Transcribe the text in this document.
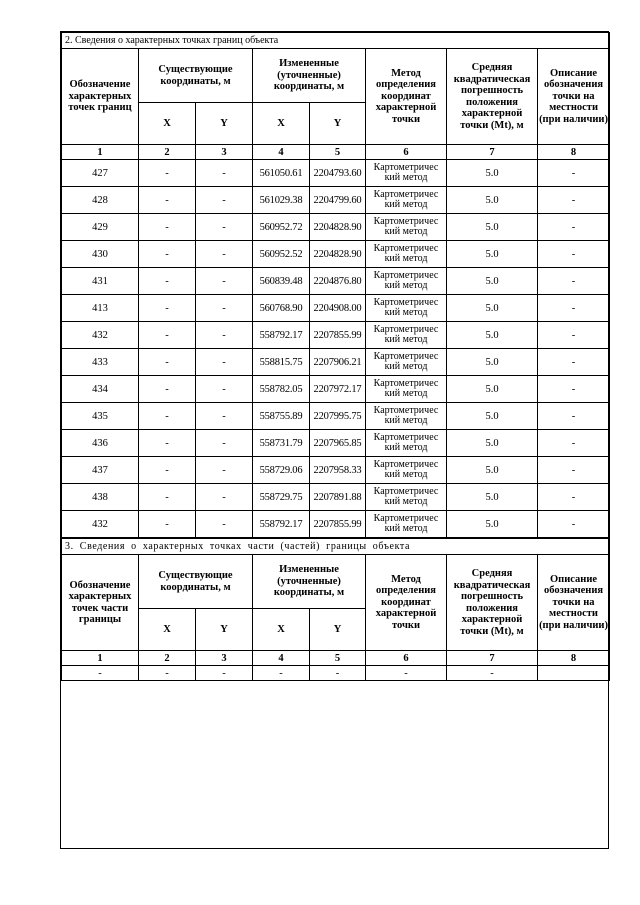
2. Сведения о характерных точках границ объекта							
Обозначение характерных точек границ	Существующие координаты, м		Измененные (уточненные) координаты, м		Метод определения координат характерной точки	Средняя квадратическая погрешность положения характерной точки (Mt), м	Описание обозначения точки на местности (при наличии)
	X	Y	X	Y			
1	2	3	4	5	6	7	8
427	-	-	561050.61	2204793.60	Картометричес кий метод	5.0	-
428	-	-	561029.38	2204799.60	Картометричес кий метод	5.0	-
429	-	-	560952.72	2204828.90	Картометричес кий метод	5.0	-
430	-	-	560952.52	2204828.90	Картометричес кий метод	5.0	-
431	-	-	560839.48	2204876.80	Картометричес кий метод	5.0	-
413	-	-	560768.90	2204908.00	Картометричес кий метод	5.0	-
432	-	-	558792.17	2207855.99	Картометричес кий метод	5.0	-
433	-	-	558815.75	2207906.21	Картометричес кий метод	5.0	-
434	-	-	558782.05	2207972.17	Картометричес кий метод	5.0	-
435	-	-	558755.89	2207995.75	Картометричес кий метод	5.0	-
436	-	-	558731.79	2207965.85	Картометричес кий метод	5.0	-
437	-	-	558729.06	2207958.33	Картометричес кий метод	5.0	-
438	-	-	558729.75	2207891.88	Картометричес кий метод	5.0	-
432	-	-	558792.17	2207855.99	Картометричес кий метод	5.0	-
3. Сведения о характерных точках части (частей) границы объекта							
Обозначение характерных точек части границы	Существующие координаты, м		Измененные (уточненные) координаты, м		Метод определения координат характерной точки	Средняя квадратическая погрешность положения характерной точки (Mt), м	Описание обозначения точки на местности (при наличии)
	X	Y	X	Y			
1	2	3	4	5	6	7	8
-	-	-	-	-	-	-	
